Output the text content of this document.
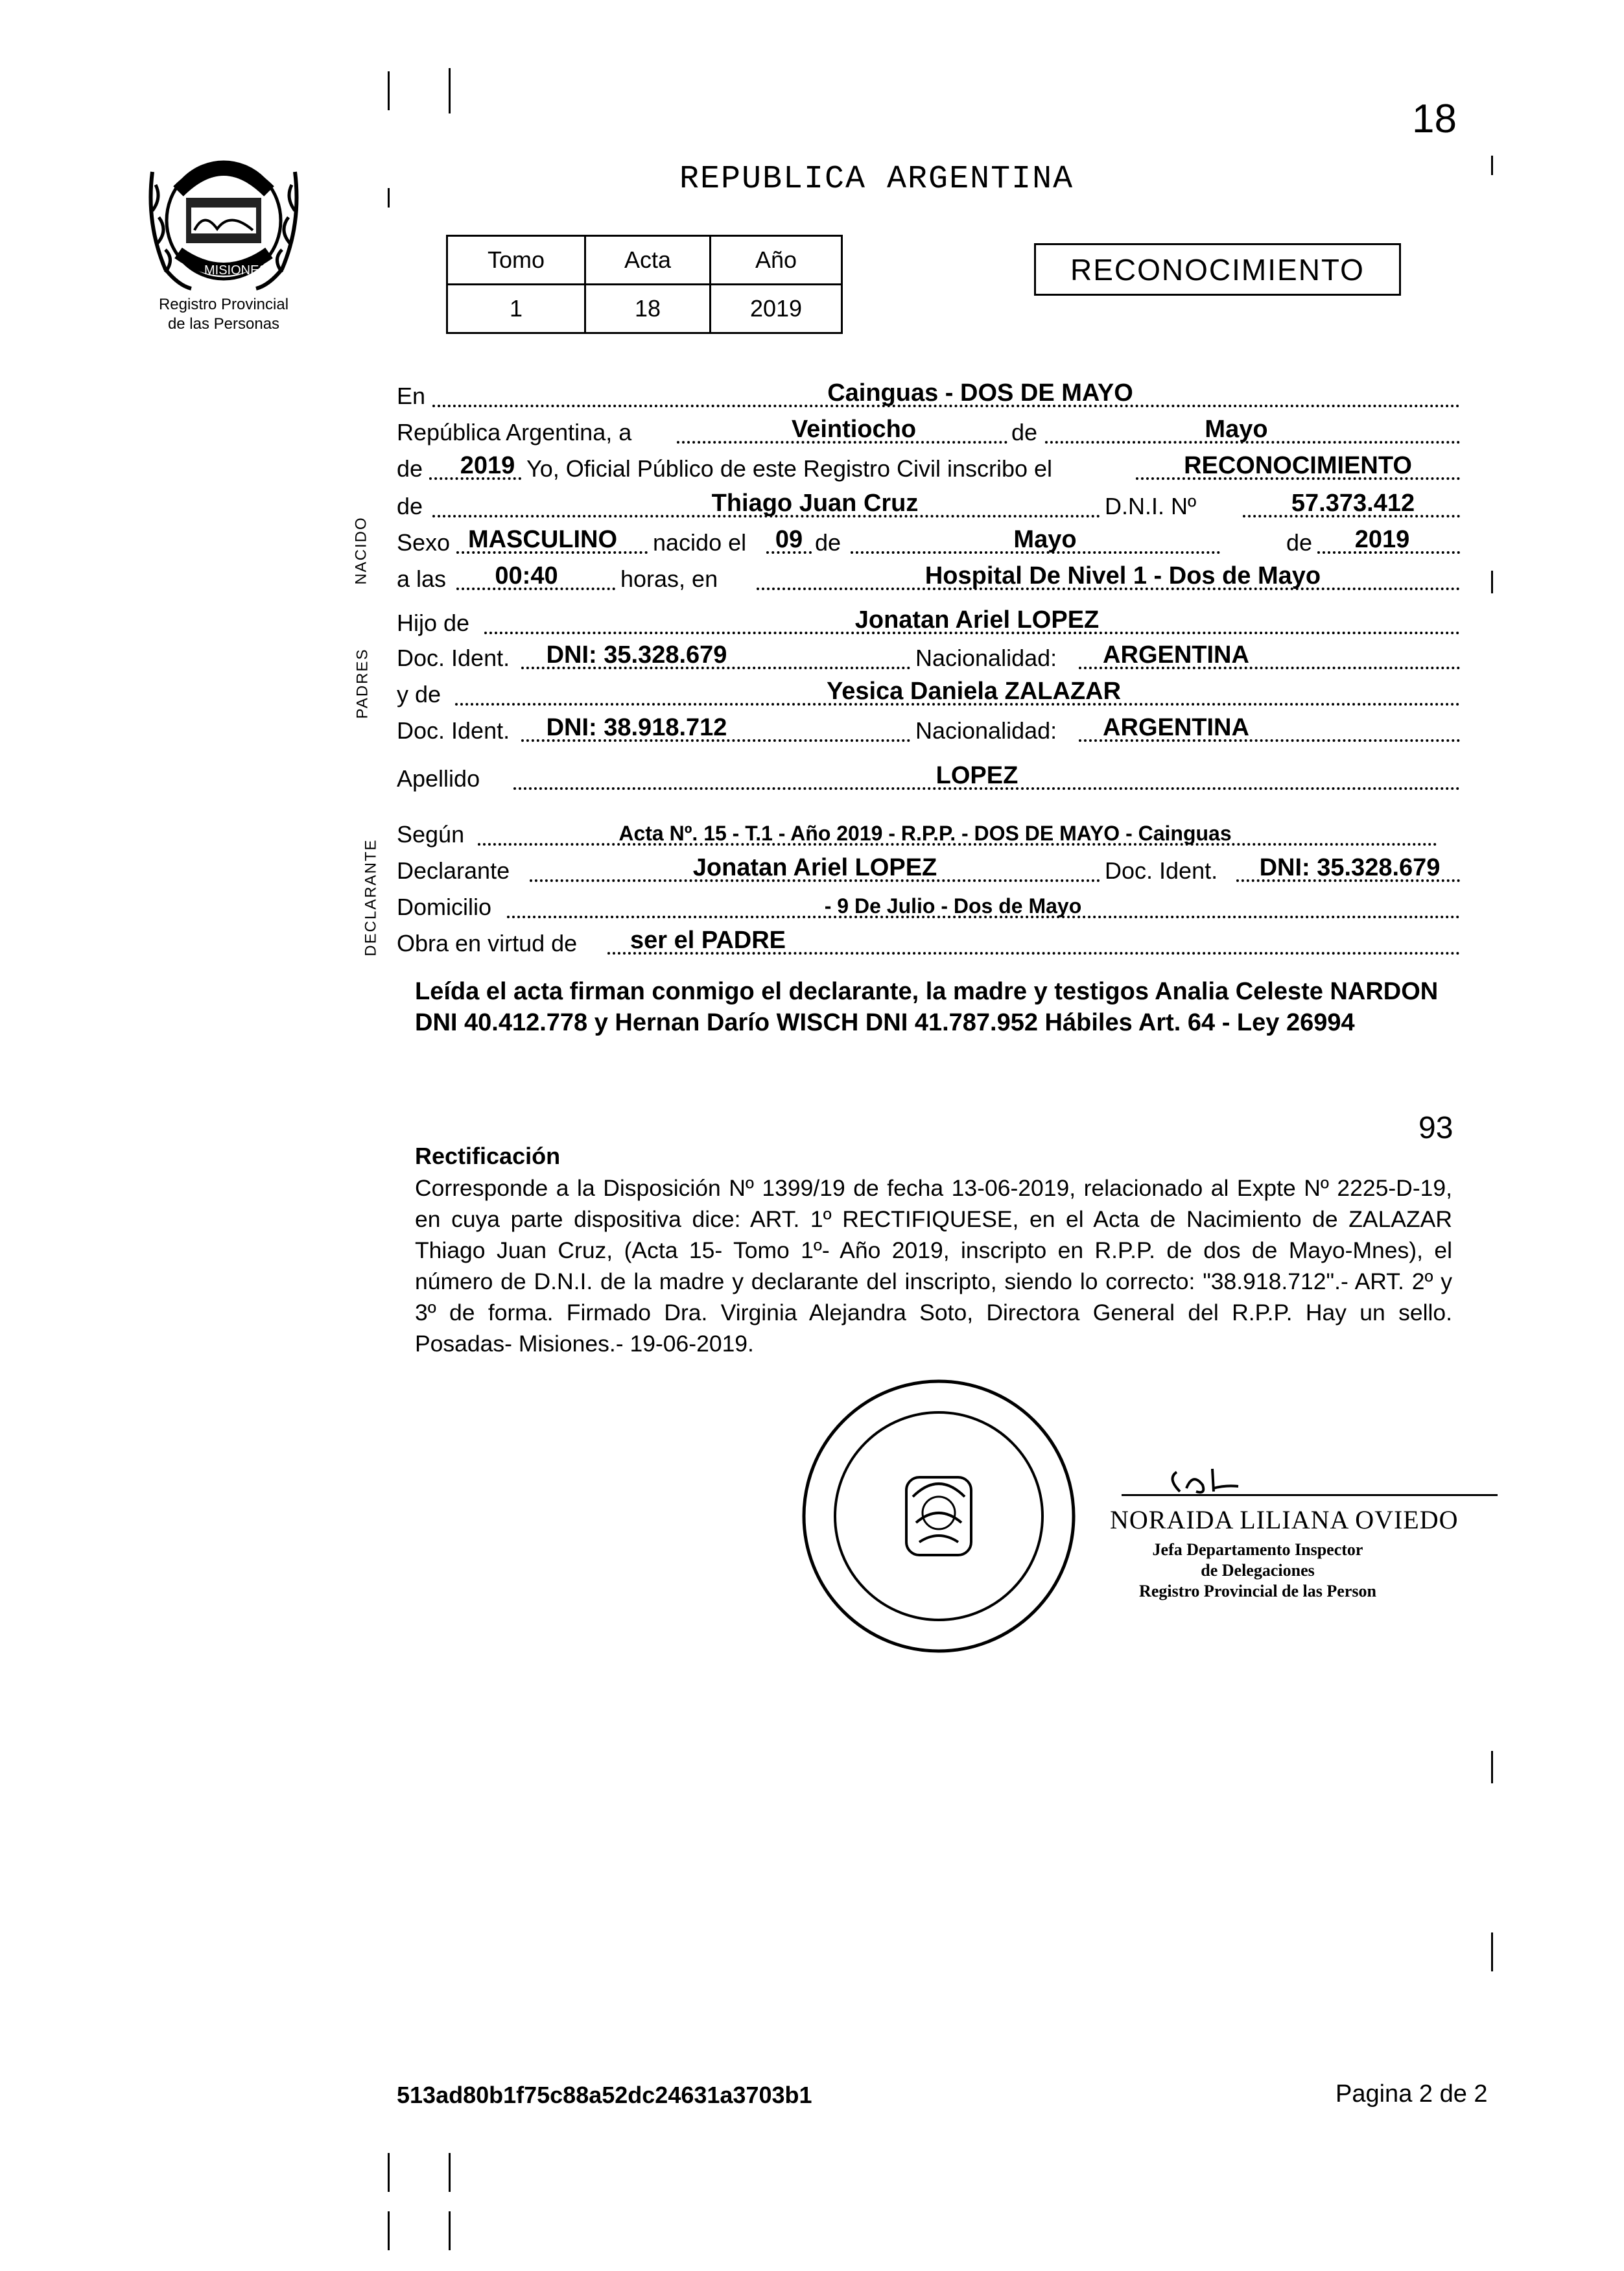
18
REPUBLICA ARGENTINA
MISIONES
Registro Provincial
de las Personas
Tomo	Acta	Año
1	18	2019
RECONOCIMIENTO
NACIDO
PADRES
DECLARANTE
En	Cainguas - DOS DE MAYO
República Argentina, a	Veintiocho	de	Mayo
de 2019 Yo, Oficial Público de este Registro Civil inscribo el	RECONOCIMIENTO
de	Thiago Juan Cruz	D.N.I. Nº	57.373.412
Sexo MASCULINO nacido el 09 de	Mayo	de 2019
a las 00:40	horas, en	Hospital De Nivel 1 - Dos de Mayo
Hijo de	Jonatan Ariel LOPEZ
Doc. Ident. DNI: 35.328.679	Nacionalidad: ARGENTINA
y de	Yesica Daniela ZALAZAR
Doc. Ident. DNI: 38.918.712	Nacionalidad: ARGENTINA
Apellido	LOPEZ
Según	Acta Nº. 15 - T.1 - Año 2019 - R.P.P. - DOS DE MAYO - Cainguas
Declarante	Jonatan Ariel LOPEZ	Doc. Ident. DNI: 35.328.679
Domicilio	- 9 De Julio - Dos de Mayo
Obra en virtud de ser el PADRE
Leída el acta firman conmigo el declarante, la madre y testigos Analia Celeste NARDON DNI 40.412.778 y Hernan Darío WISCH DNI 41.787.952 Hábiles Art. 64 - Ley 26994
93
Rectificación
Corresponde a la Disposición Nº 1399/19 de fecha 13-06-2019, relacionado al Expte Nº 2225-D-19, en cuya parte dispositiva dice: ART. 1º RECTIFIQUESE, en el Acta de Nacimiento de ZALAZAR Thiago Juan Cruz, (Acta 15- Tomo 1º- Año 2019, inscripto en R.P.P. de dos de Mayo-Mnes), el número de D.N.I. de la madre y declarante del inscripto, siendo lo correcto: "38.918.712".- ART. 2º y 3º de forma. Firmado Dra. Virginia Alejandra Soto, Directora General del R.P.P. Hay un sello. Posadas- Misiones.- 19-06-2019.
NORAIDA LILIANA OVIEDO
Jefa Departamento Inspector
de Delegaciones
Registro Provincial de las Person
513ad80b1f75c88a52dc24631a3703b1	Pagina 2 de 2
